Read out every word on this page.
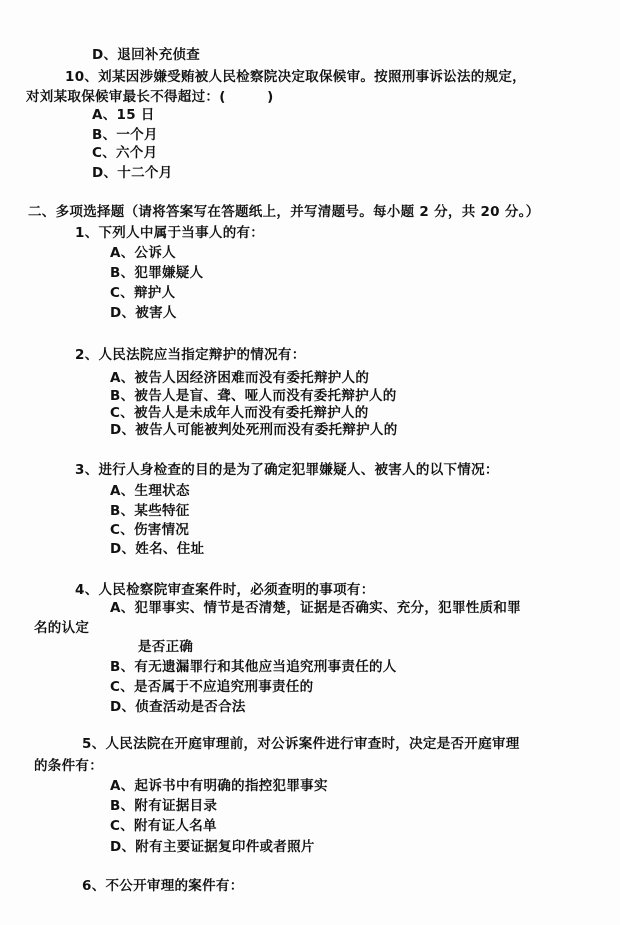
D、退回补充侦查
10、刘某因涉嫌受贿被人民检察院决定取保候审。按照刑事诉讼法的规定，
对刘某取保候审最长不得超过：(　　　)
A、15 日
B、一个月
C、六个月
D、十二个月
二、多项选择题（请将答案写在答题纸上，并写清题号。每小题 2 分，共 20 分。）
1、下列人中属于当事人的有：
A、公诉人
B、犯罪嫌疑人
C、辩护人
D、被害人
2、人民法院应当指定辩护的情况有：
A、被告人因经济困难而没有委托辩护人的
B、被告人是盲、聋、哑人而没有委托辩护人的
C、被告人是未成年人而没有委托辩护人的
D、被告人可能被判处死刑而没有委托辩护人的
3、进行人身检查的目的是为了确定犯罪嫌疑人、被害人的以下情况：
A、生理状态
B、某些特征
C、伤害情况
D、姓名、住址
4、人民检察院审查案件时，必须查明的事项有：
A、犯罪事实、情节是否清楚，证据是否确实、充分，犯罪性质和罪
名的认定
是否正确
B、有无遗漏罪行和其他应当追究刑事责任的人
C、是否属于不应追究刑事责任的
D、侦查活动是否合法
5、人民法院在开庭审理前，对公诉案件进行审查时，决定是否开庭审理
的条件有：
A、起诉书中有明确的指控犯罪事实
B、附有证据目录
C、附有证人名单
D、附有主要证据复印件或者照片
6、不公开审理的案件有：
